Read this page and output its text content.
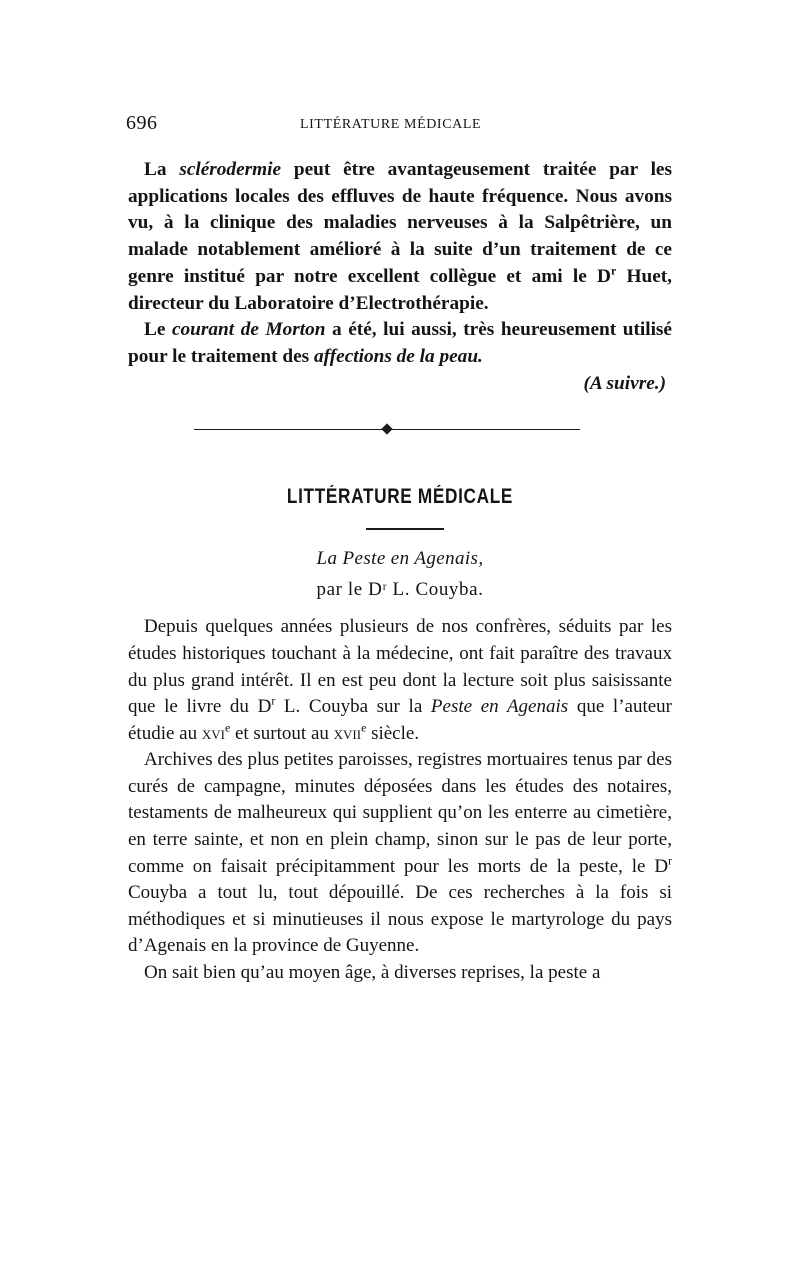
696	LITTÉRATURE MÉDICALE

La sclérodermie peut être avantageusement traitée par les applications locales des effluves de haute fréquence. Nous avons vu, à la clinique des maladies nerveuses à la Salpêtrière, un malade notablement amélioré à la suite d’un traitement de ce genre institué par notre excellent collègue et ami le $D^r$ Huet, directeur du Laboratoire d’Electrothérapie.

Le courant de Morton a été, lui aussi, très heureusement utilisé pour le traitement des affections de la peau.

(A suivre.)

LITTÉRATURE MÉDICALE
La Peste en Agenais,
par le Dʳ L. Couyba.

Depuis quelques années plusieurs de nos confrères, séduits par les études historiques touchant à la médecine, ont fait paraître des travaux du plus grand intérêt. Il en est peu dont la lecture soit plus saisissante que le livre du $D^r$ L. Couyba sur la Peste en Agenais que l’auteur étudie au xvi$^e$ et surtout au xvii$^e$ siècle.

Archives des plus petites paroisses, registres mortuaires tenus par des curés de campagne, minutes déposées dans les études des notaires, testaments de malheureux qui supplient qu’on les enterre au cimetière, en terre sainte, et non en plein champ, sinon sur le pas de leur porte, comme on faisait précipitamment pour les morts de la peste, le $D^r$ Couyba a tout lu, tout dépouillé. De ces recherches à la fois si méthodiques et si minutieuses il nous expose le martyrologe du pays d’Agenais en la province de Guyenne.

On sait bien qu’au moyen âge, à diverses reprises, la peste a
